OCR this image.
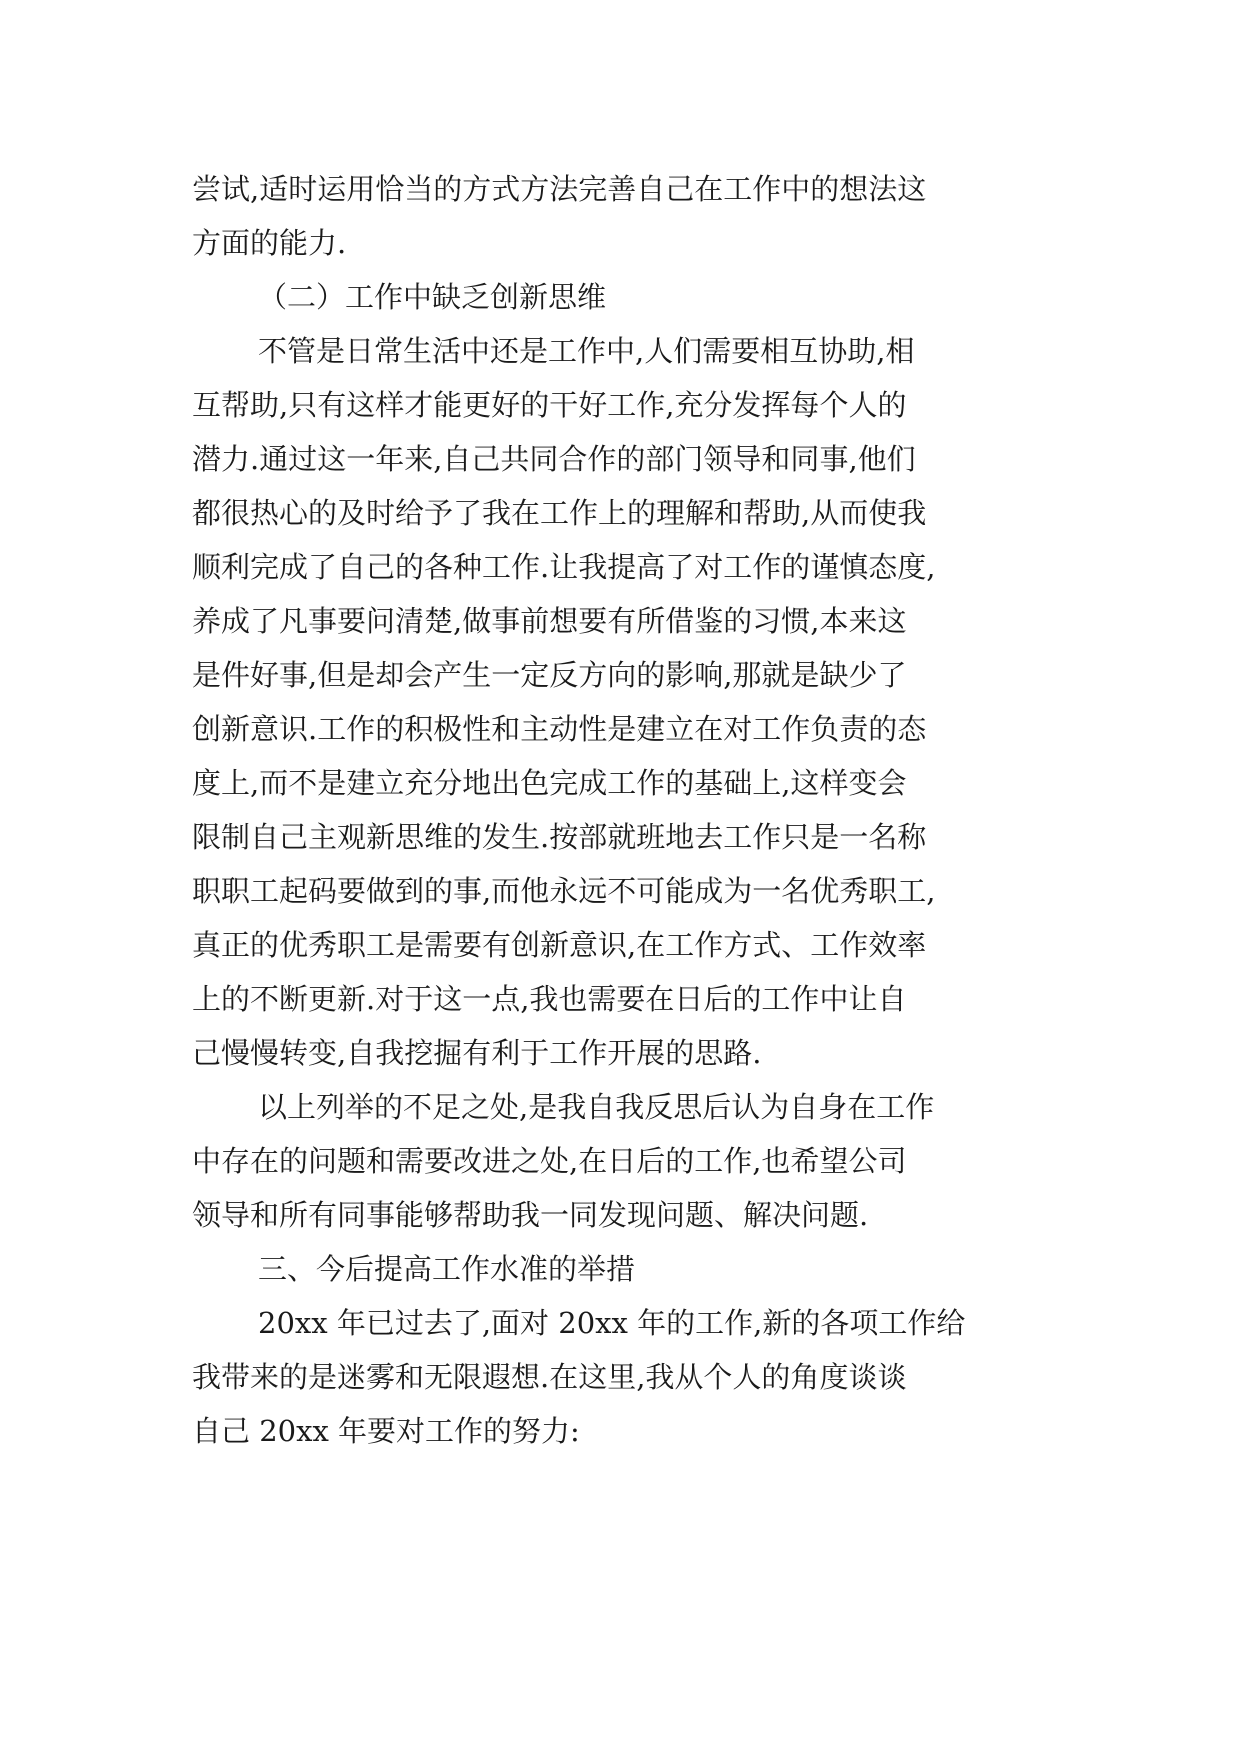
尝试,适时运用恰当的方式方法完善自己在工作中的想法这
方面的能力.
（二）工作中缺乏创新思维
不管是日常生活中还是工作中,人们需要相互协助,相
互帮助,只有这样才能更好的干好工作,充分发挥每个人的
潜力.通过这一年来,自己共同合作的部门领导和同事,他们
都很热心的及时给予了我在工作上的理解和帮助,从而使我
顺利完成了自己的各种工作.让我提高了对工作的谨慎态度,
养成了凡事要问清楚,做事前想要有所借鉴的习惯,本来这
是件好事,但是却会产生一定反方向的影响,那就是缺少了
创新意识.工作的积极性和主动性是建立在对工作负责的态
度上,而不是建立充分地出色完成工作的基础上,这样变会
限制自己主观新思维的发生.按部就班地去工作只是一名称
职职工起码要做到的事,而他永远不可能成为一名优秀职工,
真正的优秀职工是需要有创新意识,在工作方式、工作效率
上的不断更新.对于这一点,我也需要在日后的工作中让自
己慢慢转变,自我挖掘有利于工作开展的思路.
以上列举的不足之处,是我自我反思后认为自身在工作
中存在的问题和需要改进之处,在日后的工作,也希望公司
领导和所有同事能够帮助我一同发现问题、解决问题.
三、今后提高工作水准的举措
20xx 年已过去了,面对 20xx 年的工作,新的各项工作给
我带来的是迷雾和无限遐想.在这里,我从个人的角度谈谈
自己 20xx 年要对工作的努力:
